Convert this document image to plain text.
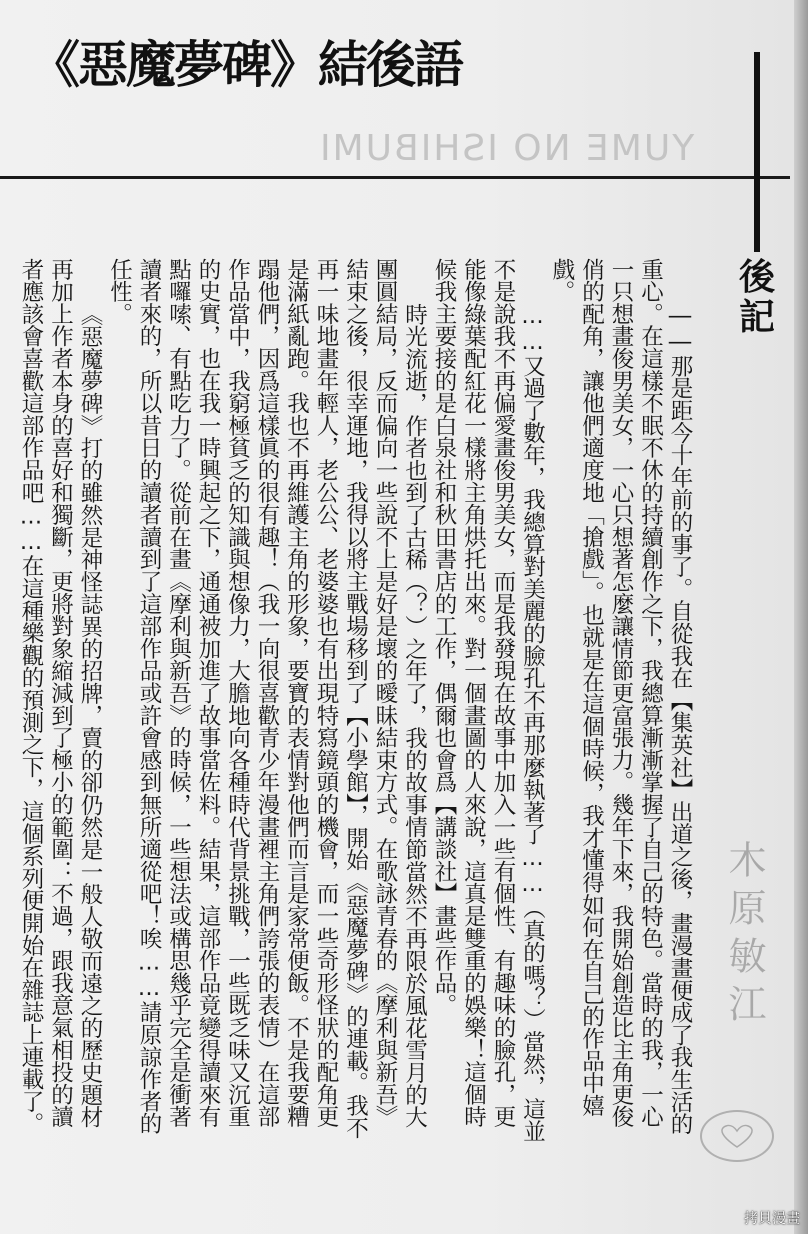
《惡魔夢碑》結後語
YUME NO ISHIBUMI
後記

――那是距今十年前的事了。自從我在【集英社】出道之後，畫漫畫便成了我生活的重心。在這樣不眠不休的持續創作之下，我總算漸漸掌握了自己的特色。當時的我，一心一只想畫俊男美女，一心只想著怎麼讓情節更富張力。幾年下來，我開始創造比主角更俊俏的配角，讓他們適度地「搶戲」。也就是在這個時候，我才懂得如何在自己的作品中嬉戲。

……又過了數年，我總算對美麗的臉孔不再那麼執著了……（真的嗎？）當然，這並不是說我不再偏愛畫俊男美女，而是我發現在故事中加入一些有個性、有趣味的臉孔，更能像綠葉配紅花一樣將主角烘托出來。對一個畫圖的人來說，這真是雙重的娛樂！這個時候我主要接的是白泉社和秋田書店的工作，偶爾也會爲【講談社】畫些作品。

時光流逝，作者也到了古稀（？）之年了，我的故事情節當然不再限於風花雪月的大團圓結局，反而偏向一些說不上是好是壞的曖昧結束方式。在歌詠青春的《摩利與新吾》結束之後，很幸運地，我得以將主戰場移到了【小學館】，開始《惡魔夢碑》的連載。我不再一味地畫年輕人，老公公、老婆婆也有出現特寫鏡頭的機會，而一些奇形怪狀的配角更是滿紙亂跑。我也不再維護主角的形象，要寶的表情對他們而言是家常便飯。不是我要糟蹋他們，因爲這樣眞的很有趣！（我一向很喜歡青少年漫畫裡主角們誇張的表情）在這部作品當中，我窮極貧乏的知識與想像力，大膽地向各種時代背景挑戰，一些既乏味又沉重的史實，也在我一時興起之下，通通被加進了故事當佐料。結果，這部作品竟變得讀來有點囉嗦、有點吃力了。從前在畫《摩利與新吾》的時候，一些想法或構思幾乎完全是衝著讀者來的，所以昔日的讀者讀到了這部作品或許會感到無所適從吧！唉……請原諒作者的任性。

《惡魔夢碑》打的雖然是神怪誌異的招牌，賣的卻仍然是一般人敬而遠之的歷史題材再加上作者本身的喜好和獨斷，更將對象縮減到了極小的範圍：不過，跟我意氣相投的讀者應該會喜歡這部作品吧……在這種樂觀的預測之下，這個系列便開始在雜誌上連載了。	木原敏江
拷貝漫畫
